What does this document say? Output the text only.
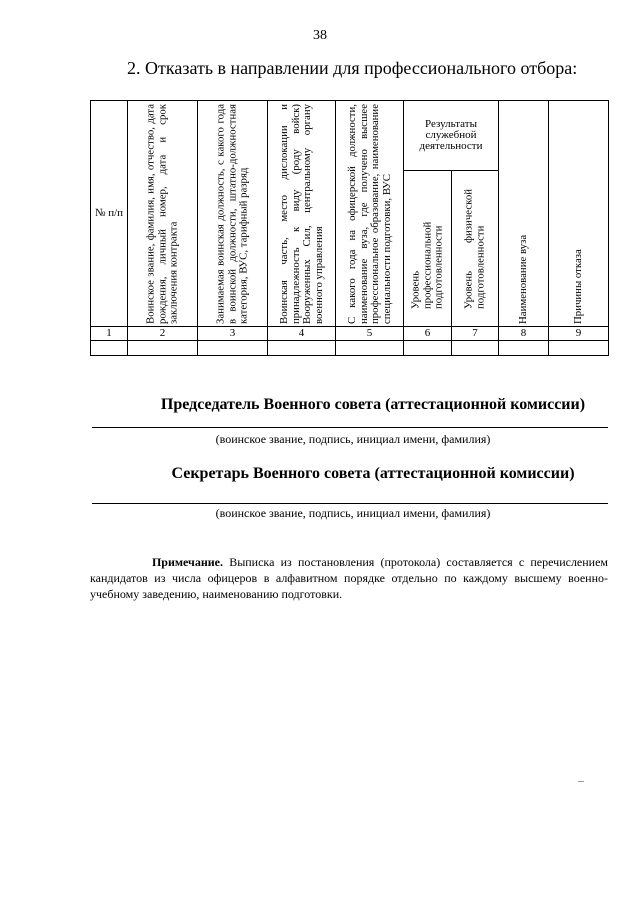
38
2. Отказать в направлении для профессионального отбора:
№ п/п	Воинское звание, фамилия, имя, отчество, дата рождения, личный номер, дата и срок заключения контракта	Занимаемая воинская должность, с какого года в воинской должности, штатно-должностная категория, ВУС, тарифный разряд	Воинская часть, место дислокации и принадлежность к виду (роду войск) Вооруженных Сил, центральному органу военного управления	С какого года на офицерской должности, наименование вуза, где получено высшее профессиональное образование, наименование специальности подготовки, ВУС	Результаты служебной деятельности		Наименование вуза	Причины отказа

					Уровень профессиональной подготовленности	Уровень физической подготовленности		

1	2	3	4	5	6	7	8	9

Председатель Военного совета (аттестационной комиссии)
(воинское звание, подпись, инициал имени, фамилия)
Секретарь Военного совета (аттестационной комиссии)
(воинское звание, подпись, инициал имени, фамилия)
Примечание. Выписка из постановления (протокола) составляется с перечислением кандидатов из числа офицеров в алфавитном порядке отдельно по каждому высшему военно-учебному заведению, наименованию подготовки.
